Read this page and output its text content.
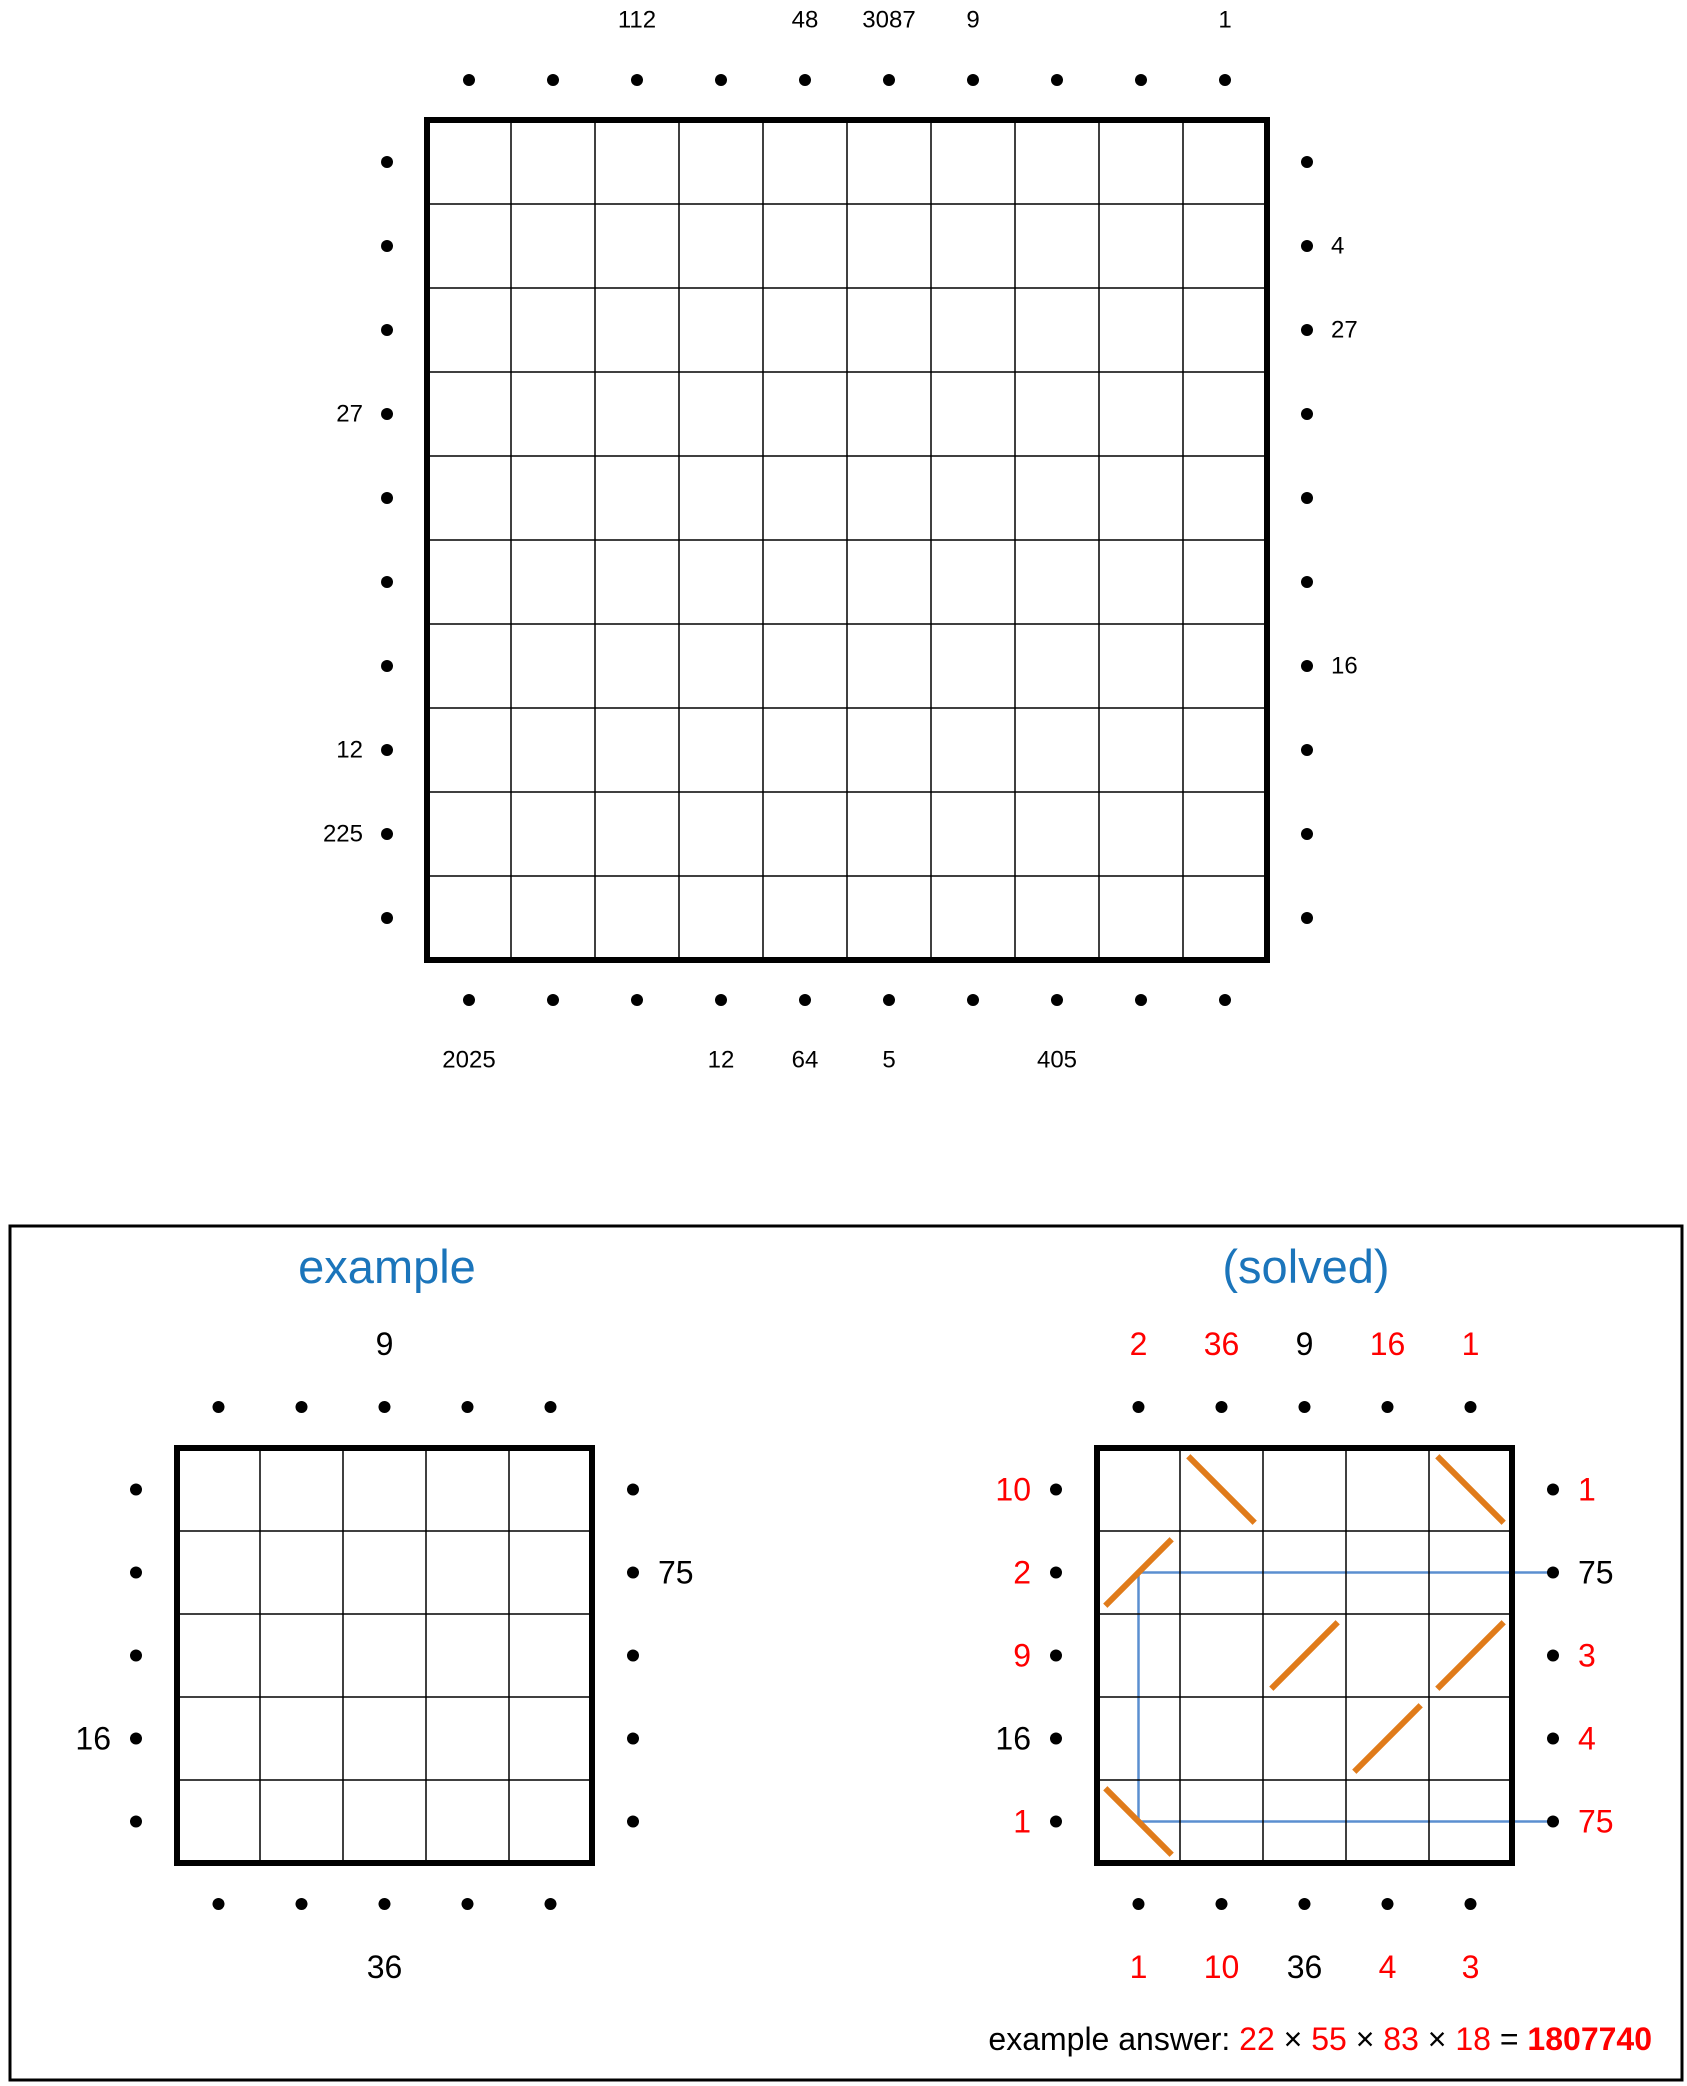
2025
4
112
27
12
27
48
64
3087
5
9
16
405
12
225
1
example	(solved)
75
9
36
16
2
1
10	1
36
10
2	75
9
36
9	3
16
4
16	4
1
3
1	75
example answer: 22 × 55 × 83 × 18 = 1807740
